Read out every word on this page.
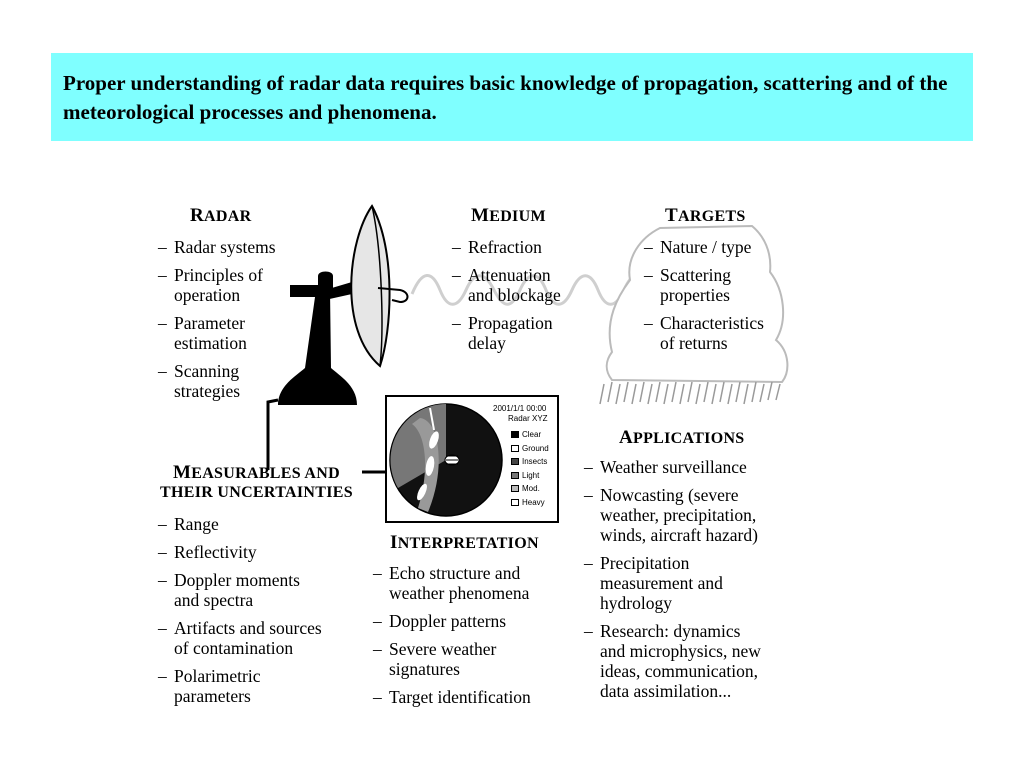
Proper understanding of radar data requires basic knowledge of propagation, scattering and of the meteorological processes and phenomena.
2001/1/1 00:00
Radar XYZ
Clear
Ground
Insects
Light
Mod.
Heavy
RADAR
– Radar systems
– Principles of
operation
– Parameter
estimation
– Scanning
strategies
MEDIUM
– Refraction
– Attenuation
and blockage
– Propagation
delay
TARGETS
– Nature / type
– Scattering
properties
– Characteristics
of returns
MEASURABLES AND
THEIR UNCERTAINTIES
– Range
– Reflectivity
– Doppler moments
and spectra
– Artifacts and sources
of contamination
– Polarimetric
parameters
INTERPRETATION
– Echo structure and
weather phenomena
– Doppler patterns
– Severe weather
signatures
– Target identification
APPLICATIONS
– Weather surveillance
– Nowcasting (severe
weather, precipitation,
winds, aircraft hazard)
– Precipitation
measurement and
hydrology
– Research: dynamics
and microphysics, new
ideas, communication,
data assimilation...
